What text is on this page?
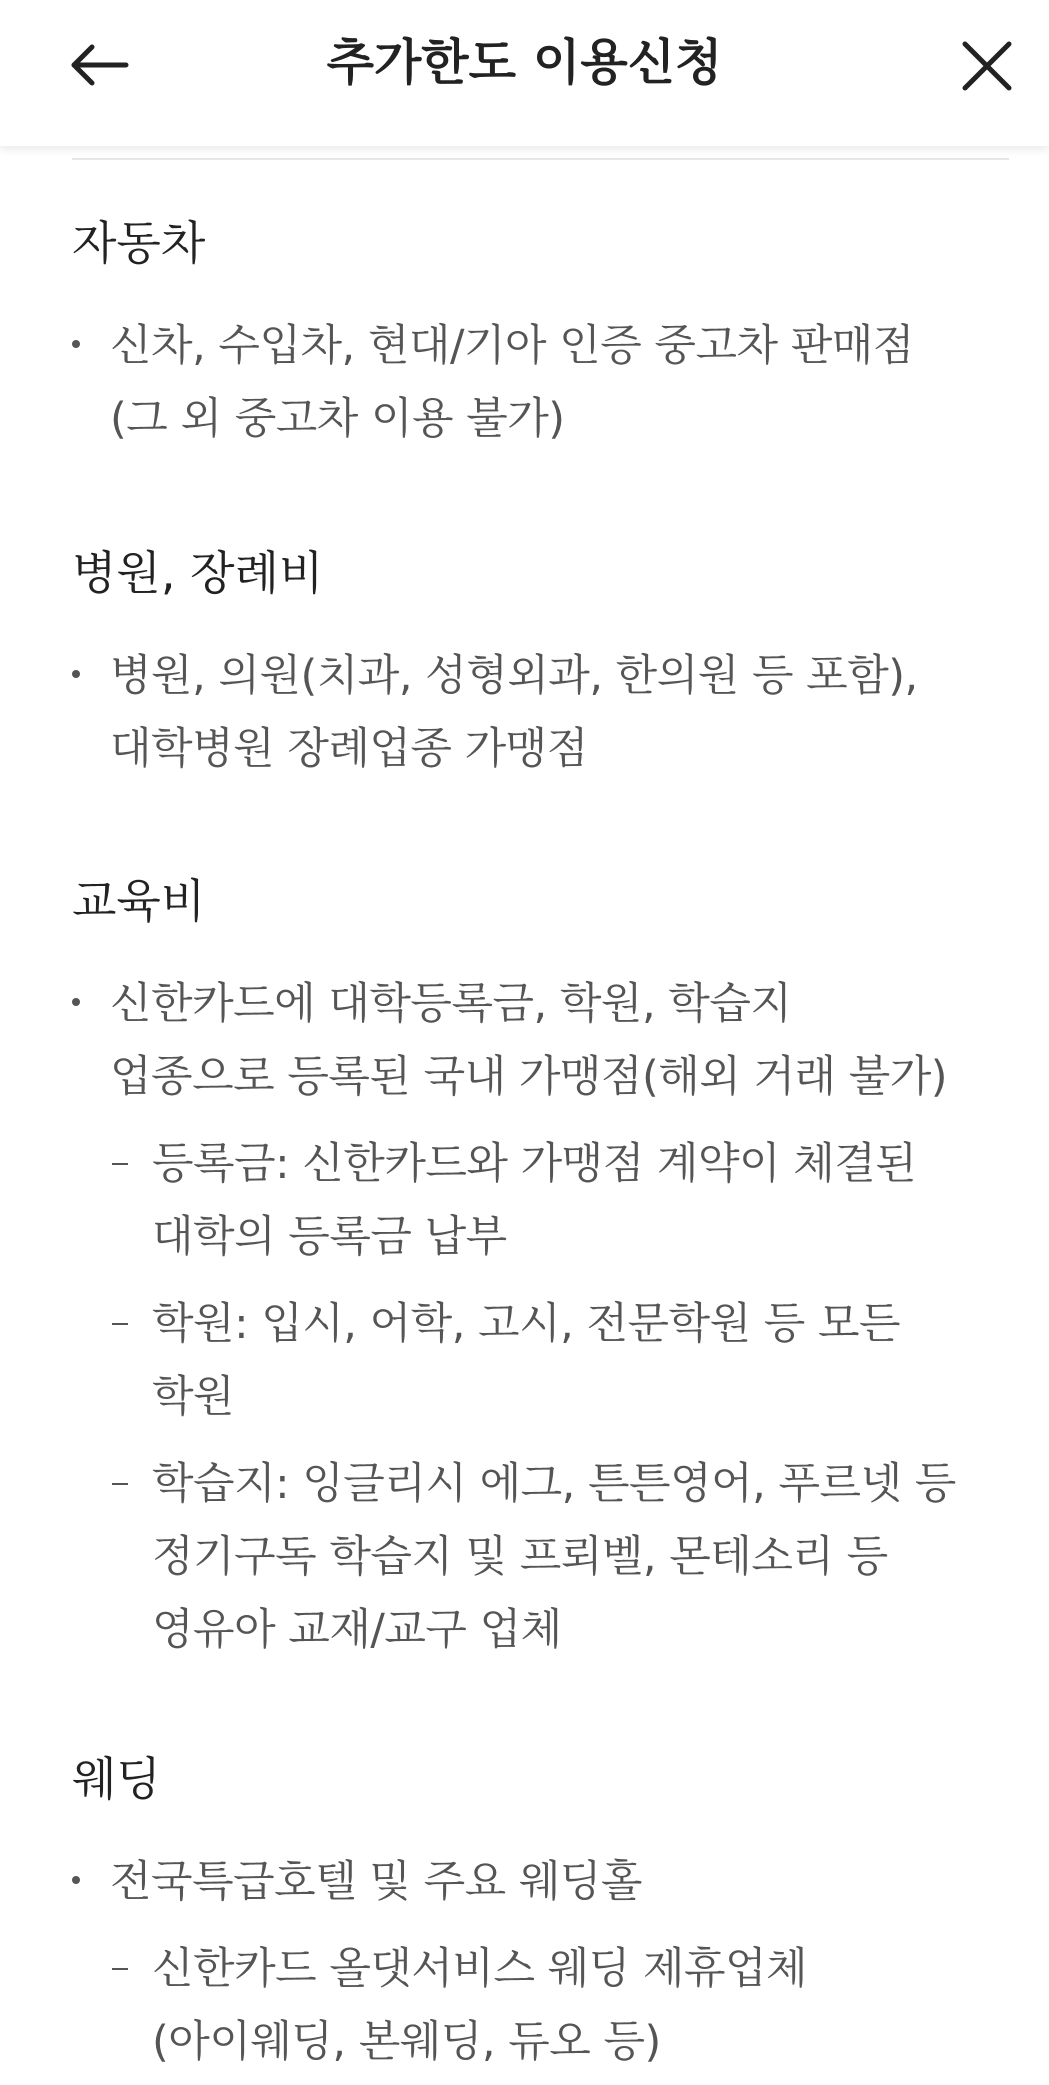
추가한도 이용신청
자동차
신차, 수입차, 현대/기아 인증 중고차 판매점
(그 외 중고차 이용 불가)
병원, 장례비
병원, 의원(치과, 성형외과, 한의원 등 포함),
대학병원 장례업종 가맹점
교육비
신한카드에 대학등록금, 학원, 학습지
업종으로 등록된 국내 가맹점(해외 거래 불가)
등록금: 신한카드와 가맹점 계약이 체결된
대학의 등록금 납부
학원: 입시, 어학, 고시, 전문학원 등 모든
학원
학습지: 잉글리시 에그, 튼튼영어, 푸르넷 등
정기구독 학습지 및 프뢰벨, 몬테소리 등
영유아 교재/교구 업체
웨딩
전국특급호텔 및 주요 웨딩홀
신한카드 올댓서비스 웨딩 제휴업체
(아이웨딩, 본웨딩, 듀오 등)
